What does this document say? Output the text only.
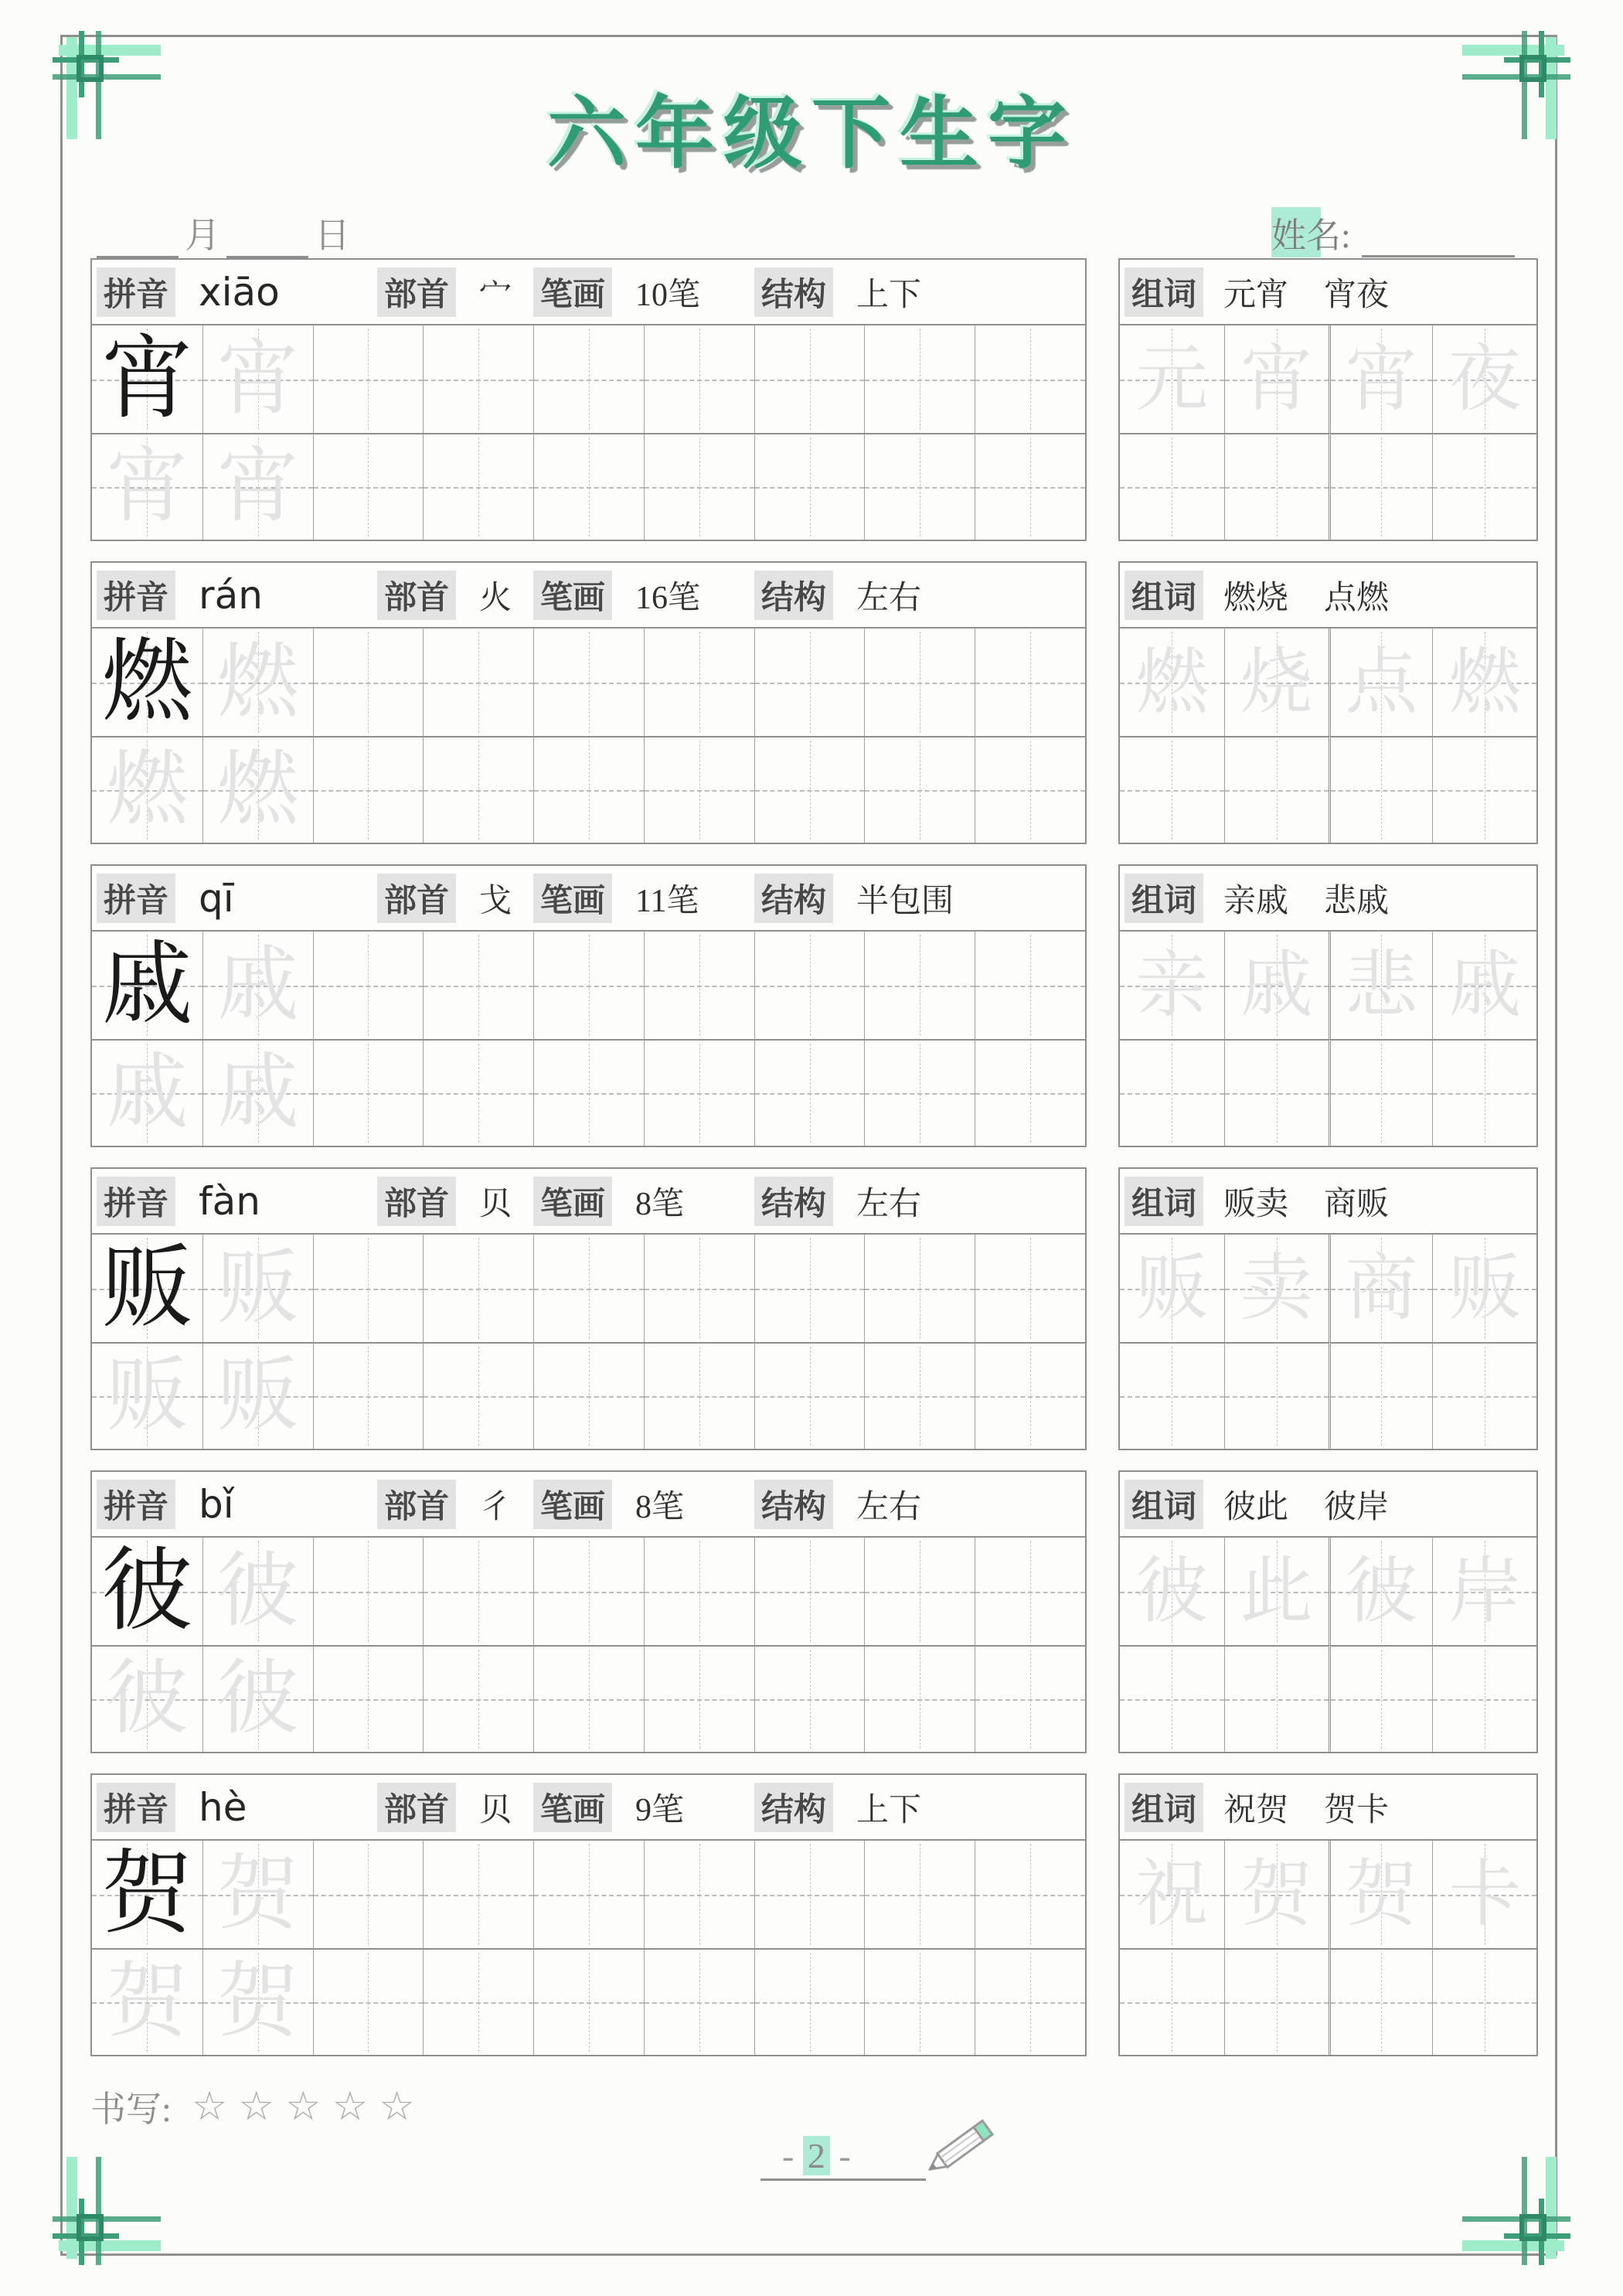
六年级下生字
月	日	姓名:
拼音 xiāo	部首 宀 笔画 10笔 结构 上下
宵 宵
宵 宵
组词 元宵 宵夜
元 宵 宵 夜
拼音 rán	部首 火 笔画 16笔 结构 左右
燃 燃
燃 燃
组词 燃烧 点燃
燃 烧 点 燃
拼音 qī	部首 戈 笔画 11笔 结构 半包围
戚 戚
戚 戚
组词 亲戚 悲戚
亲 戚 悲 戚
拼音 fàn	部首 贝 笔画 8笔 结构 左右
贩 贩
贩 贩
组词 贩卖 商贩
贩 卖 商 贩
拼音 bǐ	部首 彳 笔画 8笔 结构 左右
彼 彼
彼 彼
组词 彼此 彼岸
彼 此 彼 岸
拼音 hè	部首 贝 笔画 9笔 结构 上下
贺 贺
贺 贺
组词 祝贺 贺卡
祝 贺 贺 卡
书写: ☆☆☆☆☆
- 2 -
